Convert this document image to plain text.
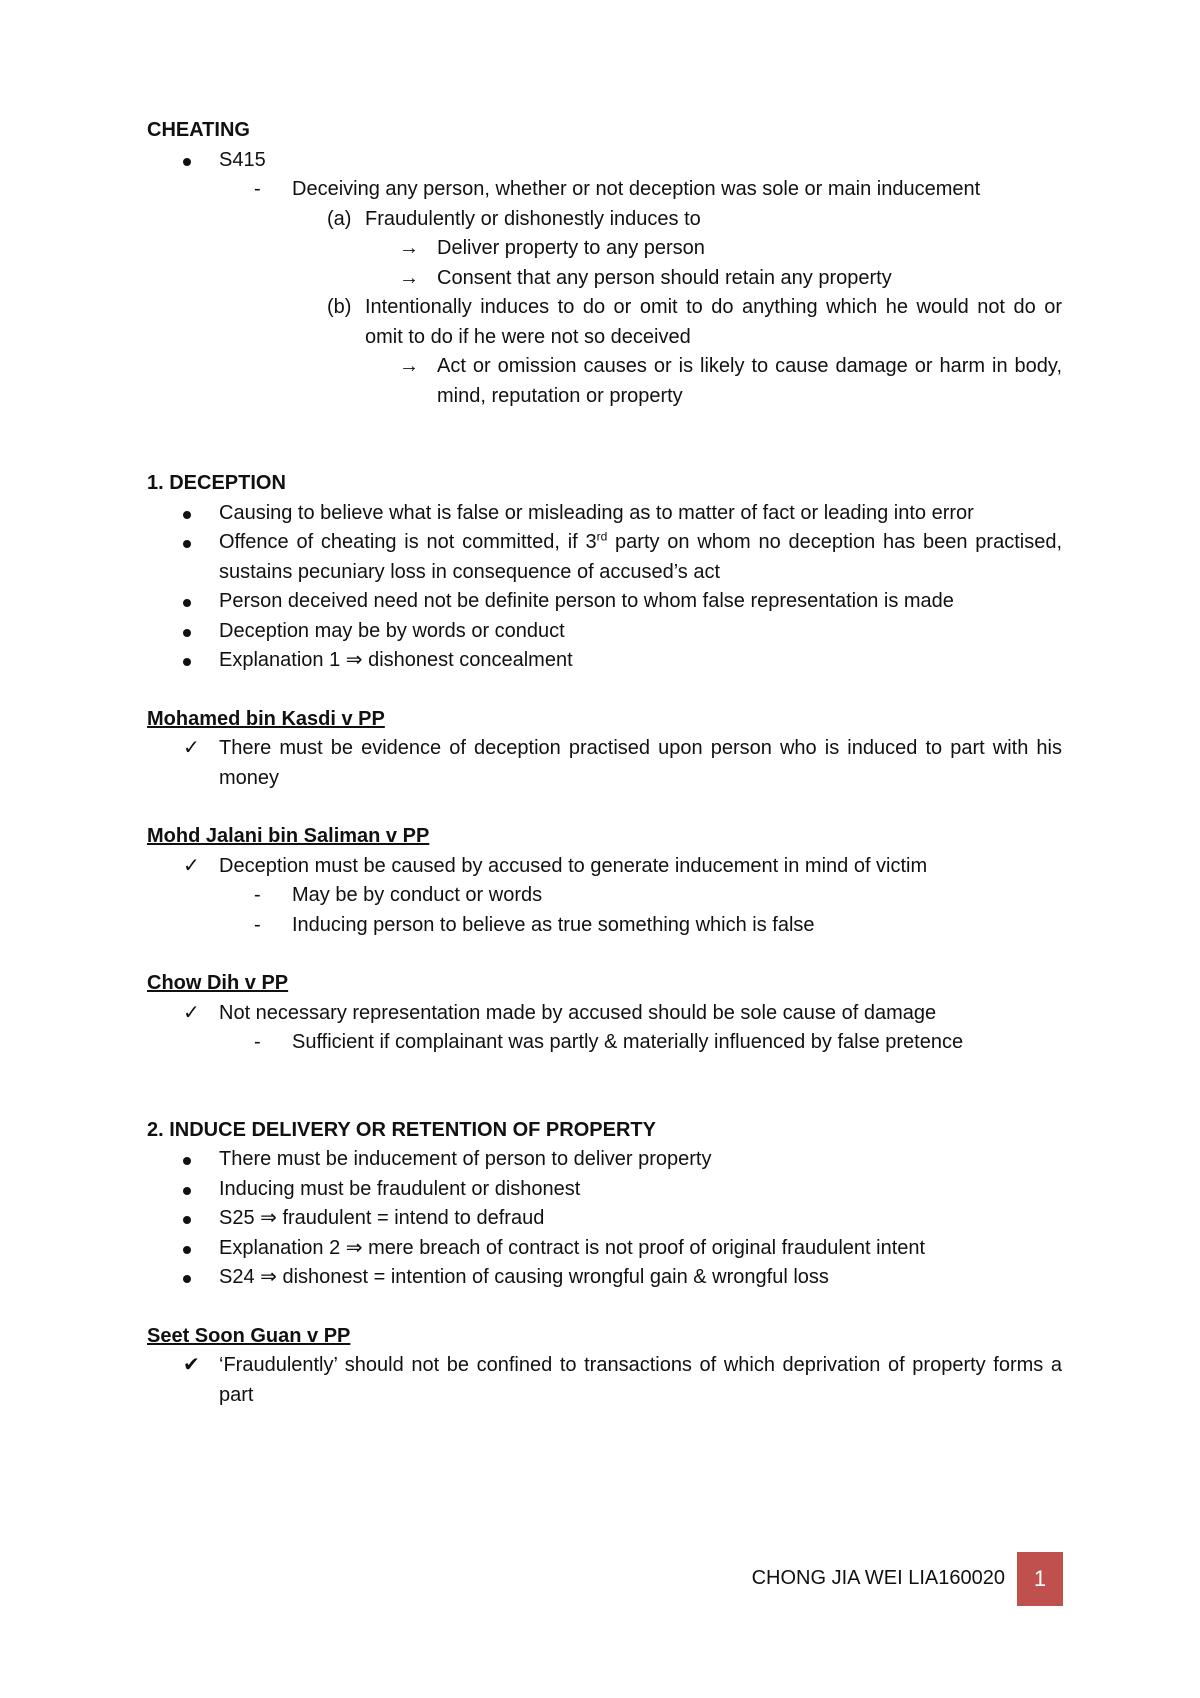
CHEATING
S415
- Deceiving any person, whether or not deception was sole or main inducement
(a) Fraudulently or dishonestly induces to
→ Deliver property to any person
→ Consent that any person should retain any property
(b) Intentionally induces to do or omit to do anything which he would not do or omit to do if he were not so deceived
→ Act or omission causes or is likely to cause damage or harm in body, mind, reputation or property
1. DECEPTION
Causing to believe what is false or misleading as to matter of fact or leading into error
Offence of cheating is not committed, if 3rd party on whom no deception has been practised, sustains pecuniary loss in consequence of accused’s act
Person deceived need not be definite person to whom false representation is made
Deception may be by words or conduct
Explanation 1 ⇒ dishonest concealment
Mohamed bin Kasdi v PP
✓ There must be evidence of deception practised upon person who is induced to part with his money
Mohd Jalani bin Saliman v PP
✓ Deception must be caused by accused to generate inducement in mind of victim
- May be by conduct or words
- Inducing person to believe as true something which is false
Chow Dih v PP
✓ Not necessary representation made by accused should be sole cause of damage
- Sufficient if complainant was partly & materially influenced by false pretence
2. INDUCE DELIVERY OR RETENTION OF PROPERTY
There must be inducement of person to deliver property
Inducing must be fraudulent or dishonest
S25 ⇒ fraudulent = intend to defraud
Explanation 2 ⇒ mere breach of contract is not proof of original fraudulent intent
S24 ⇒ dishonest = intention of causing wrongful gain & wrongful loss
Seet Soon Guan v PP
✔ ‘Fraudulently’ should not be confined to transactions of which deprivation of property forms a part
CHONG JIA WEI LIA160020	1
